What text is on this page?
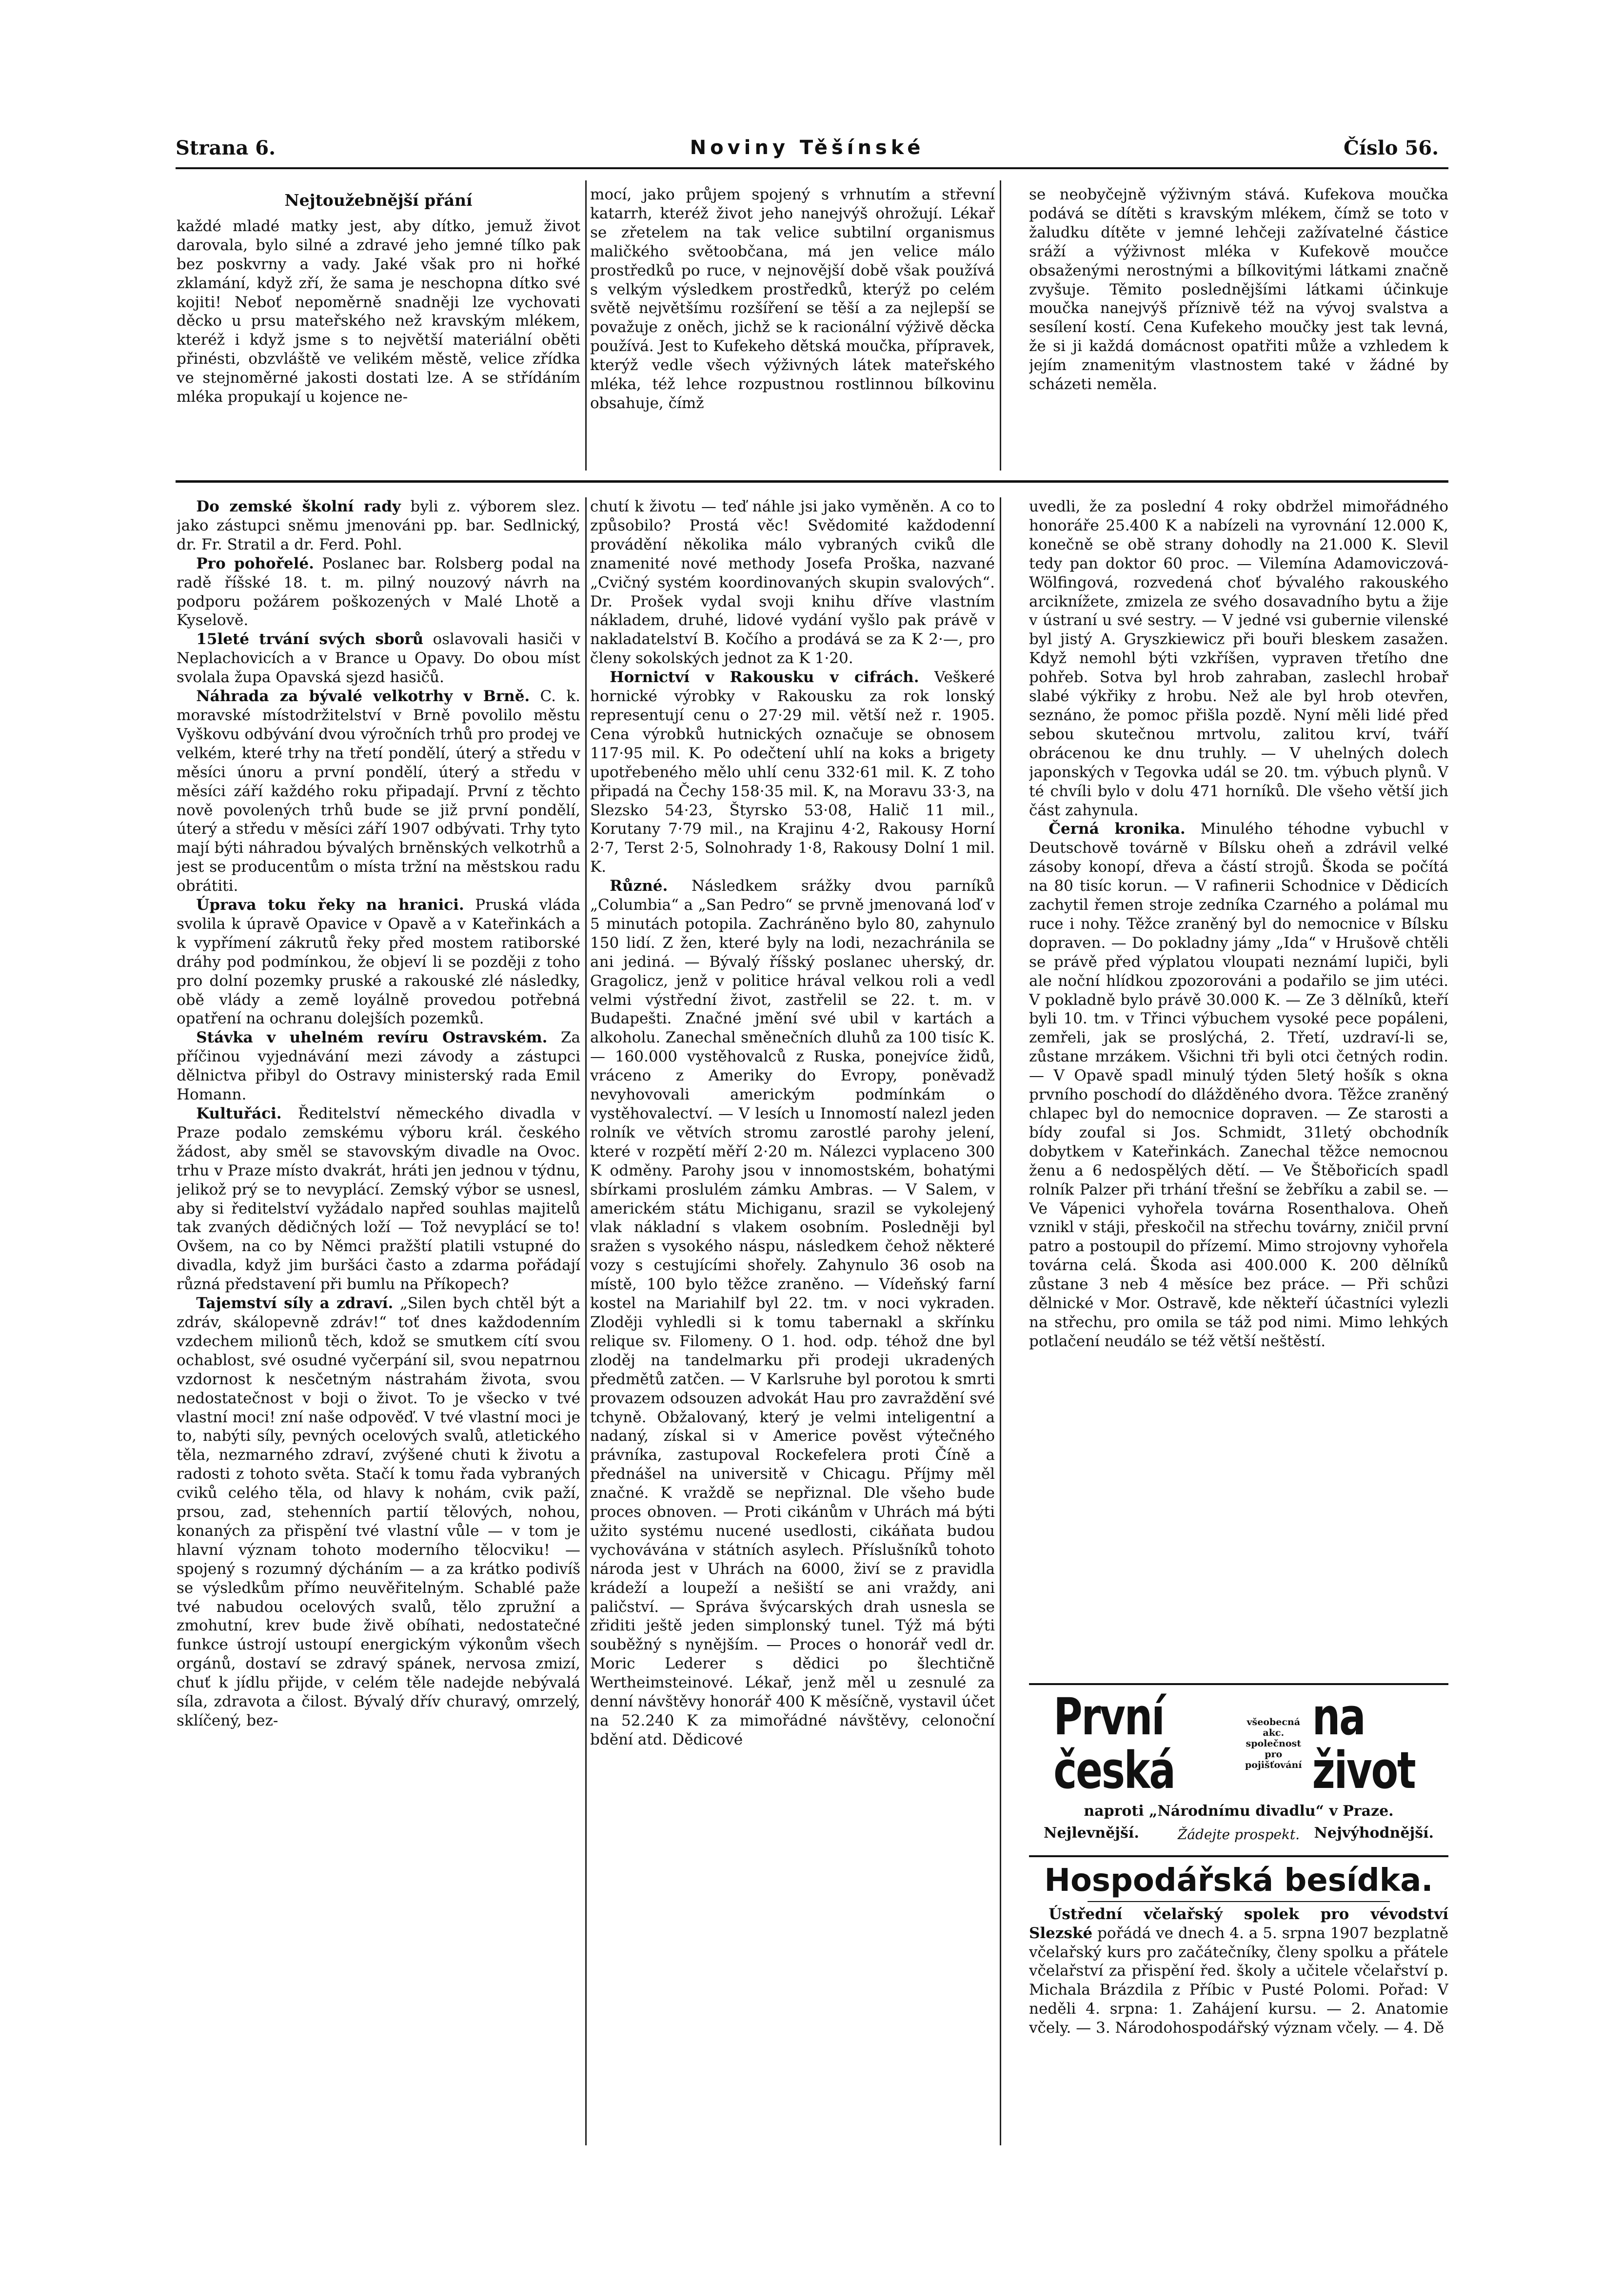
Strana 6.	Noviny Těšínské	Číslo 56.
Nejtoužebnější přání

každé mladé matky jest, aby dítko, jemuž život darovala, bylo silné a zdravé jeho jemné tílko pak bez poskvrny a vady. Jaké však pro ni hořké zklamání, když zří, že sama je neschopna dítko své kojiti! Neboť nepoměrně snadněji lze vychovati děcko u prsu mateřského než kravským mlékem, kteréž i když jsme s to největší materiální oběti přinésti, obzvláště ve velikém městě, velice zřídka ve stejnoměrné jakosti dostati lze. A se střídáním mléka propukají u kojence ne-

mocí, jako průjem spojený s vrhnutím a střevní katarrh, kteréž život jeho nanejvýš ohrožují. Lékař se zřetelem na tak velice subtilní organismus maličkého světoobčana, má jen velice málo prostředků po ruce, v nejnovější době však používá s velkým výsledkem prostředků, kterýž po celém světě největšímu rozšíření se těší a za nejlepší se považuje z oněch, jichž se k racionální výživě děcka používá. Jest to Kufekeho dětská moučka, přípravek, kterýž vedle všech výživných látek mateřského mléka, též lehce rozpustnou rostlinnou bílkovinu obsahuje, čímž

se neobyčejně výživným stává. Kufekova moučka podává se dítěti s kravským mlékem, čímž se toto v žaludku dítěte v jemné lehčeji zažívatelné částice sráží a výživnost mléka v Kufekově moučce obsaženými nerostnými a bílkovitými látkami značně zvyšuje. Těmito poslednějšími látkami účinkuje moučka nanejvýš příznivě též na vývoj svalstva a sesílení kostí. Cena Kufekeho moučky jest tak levná, že si ji každá domácnost opatřiti může a vzhledem k jejím znamenitým vlastnostem také v žádné by scházeti neměla.

Do zemské školní rady byli z. výborem slez. jako zástupci sněmu jmenováni pp. bar. Sedlnický, dr. Fr. Stratil a dr. Ferd. Pohl.

Pro pohořelé. Poslanec bar. Rolsberg podal na radě říšské 18. t. m. pilný nouzový návrh na podporu požárem poškozených v Malé Lhotě a Kyselově.

15leté trvání svých sborů oslavovali hasiči v Neplachovicích a v Brance u Opavy. Do obou míst svolala župa Opavská sjezd hasičů.

Náhrada za bývalé velkotrhy v Brně. C. k. moravské místodržitelství v Brně povolilo městu Vyškovu odbývání dvou výročních trhů pro prodej ve velkém, které trhy na třetí pondělí, úterý a středu v měsíci únoru a první pondělí, úterý a středu v měsíci září každého roku připadají. První z těchto nově povolených trhů bude se již první pondělí, úterý a středu v měsíci září 1907 odbývati. Trhy tyto mají býti náhradou bývalých brněnských velkotrhů a jest se producentům o místa tržní na městskou radu obrátiti.

Úprava toku řeky na hranici. Pruská vláda svolila k úpravě Opavice v Opavě a v Kateřinkách a k vypřímení zákrutů řeky před mostem ratiborské dráhy pod podmínkou, že objeví li se později z toho pro dolní pozemky pruské a rakouské zlé následky, obě vlády a země loyálně provedou potřebná opatření na ochranu dolejších pozemků.

Stávka v uhelném revíru Ostravském. Za příčinou vyjednávání mezi závody a zástupci dělnictva přibyl do Ostravy ministerský rada Emil Homann.

Kultuřáci. Ředitelství německého divadla v Praze podalo zemskému výboru král. českého žádost, aby směl se stavovským divadle na Ovoc. trhu v Praze místo dvakrát, hráti jen jednou v týdnu, jelikož prý se to nevyplácí. Zemský výbor se usnesl, aby si ředitelství vyžádalo napřed souhlas majitelů tak zvaných dědičných loží — Tož nevyplácí se to! Ovšem, na co by Němci pražští platili vstupné do divadla, když jim buršáci často a zdarma pořádají různá představení při bumlu na Příkopech?

Tajemství síly a zdraví. „Silen bych chtěl být a zdráv, skálopevně zdráv!“ toť dnes každodenním vzdechem milionů těch, kdož se smutkem cítí svou ochablost, své osudné vyčerpání sil, svou nepatrnou vzdornost k nesčetným nástrahám života, svou nedostatečnost v boji o život. To je všecko v tvé vlastní moci! zní naše odpověď. V tvé vlastní moci je to, nabýti síly, pevných ocelových svalů, atletického těla, nezmarného zdraví, zvýšené chuti k životu a radosti z tohoto světa. Stačí k tomu řada vybraných cviků celého těla, od hlavy k nohám, cvik paží, prsou, zad, stehenních partií tělových, nohou, konaných za přispění tvé vlastní vůle — v tom je hlavní význam tohoto moderního tělocviku! — spojený s rozumný dýcháním — a za krátko podivíš se výsledkům přímo neuvěřitelným. Schablé paže tvé nabudou ocelových svalů, tělo zpružní a zmohutní, krev bude živě obíhati, nedostatečné funkce ústrojí ustoupí energickým výkonům všech orgánů, dostaví se zdravý spánek, nervosa zmizí, chuť k jídlu přijde, v celém těle nadejde nebývalá síla, zdravota a čilost. Bývalý dřív churavý, omrzelý, sklíčený, bez-

chutí k životu — teď náhle jsi jako vyměněn. A co to způsobilo? Prostá věc! Svědomité každodenní provádění několika málo vybraných cviků dle znamenité nové methody Josefa Proška, nazvané „Cvičný systém koordinovaných skupin svalových“. Dr. Prošek vydal svoji knihu dříve vlastním nákladem, druhé, lidové vydání vyšlo pak právě v nakladatelství B. Kočího a prodává se za K 2·—, pro členy sokolských jednot za K 1·20.

Hornictví v Rakousku v cifrách. Veškeré hornické výrobky v Rakousku za rok lonský representují cenu o 27·29 mil. větší než r. 1905. Cena výrobků hutnických označuje se obnosem 117·95 mil. K. Po odečtení uhlí na koks a brigety upotřebeného mělo uhlí cenu 332·61 mil. K. Z toho připadá na Čechy 158·35 mil. K, na Moravu 33·3, na Slezsko 54·23, Štyrsko 53·08, Halič 11 mil., Korutany 7·79 mil., na Krajinu 4·2, Rakousy Horní 2·7, Terst 2·5, Solnohrady 1·8, Rakousy Dolní 1 mil. K.

Různé. Následkem srážky dvou parníků „Columbia“ a „San Pedro“ se prvně jmenovaná loď v 5 minutách potopila. Zachráněno bylo 80, zahynulo 150 lidí. Z žen, které byly na lodi, nezachránila se ani jediná. — Bývalý říšský poslanec uherský, dr. Gragolicz, jenž v politice hrával velkou roli a vedl velmi výstřední život, zastřelil se 22. t. m. v Budapešti. Značné jmění své ubil v kartách a alkoholu. Zanechal směnečních dluhů za 100 tisíc K. — 160.000 vystěhovalců z Ruska, ponejvíce židů, vráceno z Ameriky do Evropy, poněvadž nevyhovovali americkým podmínkám o vystěhovalectví. — V lesích u Innomostí nalezl jeden rolník ve větvích stromu zarostlé parohy jelení, které v rozpětí měří 2·20 m. Nálezci vyplaceno 300 K odměny. Parohy jsou v innomostském, bohatými sbírkami proslulém zámku Ambras. — V Salem, v americkém státu Michiganu, srazil se vykolejený vlak nákladní s vlakem osobním. Posledněji byl sražen s vysokého náspu, následkem čehož některé vozy s cestujícími shořely. Zahynulo 36 osob na místě, 100 bylo těžce zraněno. — Vídeňský farní kostel na Mariahilf byl 22. tm. v noci vykraden. Zloději vyhledli si k tomu tabernakl a skřínku relique sv. Filomeny. O 1. hod. odp. téhož dne byl zloděj na tandelmarku při prodeji ukradených předmětů zatčen. — V Karlsruhe byl porotou k smrti provazem odsouzen advokát Hau pro zavraždění své tchyně. Obžalovaný, který je velmi inteligentní a nadaný, získal si v Americe pověst výtečného právníka, zastupoval Rockefelera proti Číně a přednášel na universitě v Chicagu. Příjmy měl značné. K vraždě se nepřiznal. Dle všeho bude proces obnoven. — Proti cikánům v Uhrách má býti užito systému nucené usedlosti, cikáňata budou vychovávána v státních asylech. Příslušníků tohoto národa jest v Uhrách na 6000, živí se z pravidla krádeží a loupeží a nešiští se ani vraždy, ani paličství. — Správa švýcarských drah usnesla se zřiditi ještě jeden simplonský tunel. Týž má býti souběžný s nynějším. — Proces o honorář vedl dr. Moric Lederer s dědici po šlechtičně Wertheimsteinové. Lékař, jenž měl u zesnulé za denní návštěvy honorář 400 K měsíčně, vystavil účet na 52.240 K za mimořádné návštěvy, celonoční bdění atd. Dědicové

uvedli, že za poslední 4 roky obdržel mimořádného honoráře 25.400 K a nabízeli na vyrovnání 12.000 K, konečně se obě strany dohodly na 21.000 K. Slevil tedy pan doktor 60 proc. — Vilemína Adamoviczová-Wölfingová, rozvedená choť bývalého rakouského arciknížete, zmizela ze svého dosavadního bytu a žije v ústraní u své sestry. — V jedné vsi gubernie vilenské byl jistý A. Gryszkiewicz při bouři bleskem zasažen. Když nemohl býti vzkříšen, vypraven třetího dne pohřeb. Sotva byl hrob zahraban, zaslechl hrobař slabé výkřiky z hrobu. Než ale byl hrob otevřen, seznáno, že pomoc přišla pozdě. Nyní měli lidé před sebou skutečnou mrtvolu, zalitou krví, tváří obrácenou ke dnu truhly. — V uhelných dolech japonských v Tegovka udál se 20. tm. výbuch plynů. V té chvíli bylo v dolu 471 horníků. Dle všeho větší jich část zahynula.

Černá kronika. Minulého téhodne vybuchl v Deutschově továrně v Bílsku oheň a zdrávil velké zásoby konopí, dřeva a částí strojů. Škoda se počítá na 80 tisíc korun. — V rafinerii Schodnice v Dědicích zachytil řemen stroje zedníka Czarného a polámal mu ruce i nohy. Těžce zraněný byl do nemocnice v Bílsku dopraven. — Do pokladny jámy „Ida“ v Hrušově chtěli se právě před výplatou vloupati neznámí lupiči, byli ale noční hlídkou zpozorováni a podařilo se jim utéci. V pokladně bylo právě 30.000 K. — Ze 3 dělníků, kteří byli 10. tm. v Třinci výbuchem vysoké pece popáleni, zemřeli, jak se proslýchá, 2. Třetí, uzdraví-li se, zůstane mrzákem. Všichni tři byli otci četných rodin. — V Opavě spadl minulý týden 5letý hošík s okna prvního poschodí do dlážděného dvora. Těžce zraněný chlapec byl do nemocnice dopraven. — Ze starosti a bídy zoufal si Jos. Schmidt, 31letý obchodník dobytkem v Kateřinkách. Zanechal těžce nemocnou ženu a 6 nedospělých dětí. — Ve Štěbořicích spadl rolník Palzer při trhání třešní se žebříku a zabil se. — Ve Vápenici vyhořela továrna Rosenthalova. Oheň vznikl v stáji, přeskočil na střechu továrny, zničil první patro a postoupil do přízemí. Mimo strojovny vyhořela továrna celá. Škoda asi 400.000 K. 200 dělníků zůstane 3 neb 4 měsíce bez práce. — Při schůzi dělnické v Mor. Ostravě, kde někteří účastníci vylezli na střechu, pro omila se táž pod nimi. Mimo lehkých potlačení neudálo se též větší neštěstí.

První česká
všeobecná akc.
společnost pro
pojišťování
na život
naproti „Národnímu divadlu“ v Praze.
Nejlevnější.	Nejvýhodnější.
Žádejte prospekt.
Hospodářská besídka.

Ústřední včelařský spolek pro vévodství Slezské pořádá ve dnech 4. a 5. srpna 1907 bezplatně včelařský kurs pro začátečníky, členy spolku a přátele včelařství za přispění řed. školy a učitele včelařství p. Michala Brázdila z Příbic v Pusté Polomi. Pořad: V neděli 4. srpna: 1. Zahájení kursu. — 2. Anatomie včely. — 3. Národohospodářský význam včely. — 4. Dě
